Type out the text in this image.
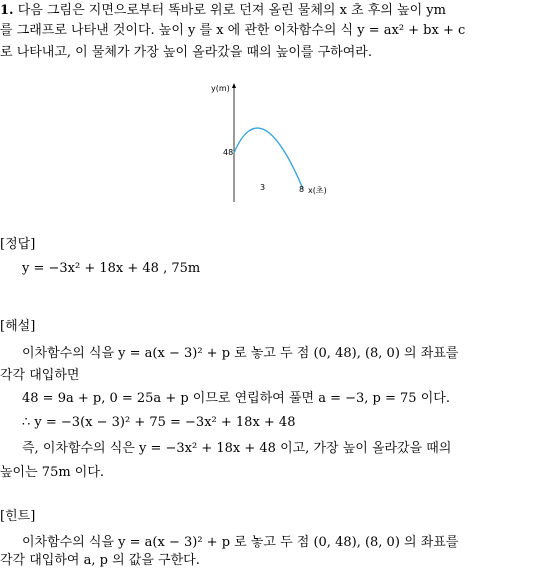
1. 다음 그림은 지면으로부터 똑바로 위로 던져 올린 물체의 x 초 후의 높이 ym
를 그래프로 나타낸 것이다. 높이 y 를 x 에 관한 이차함수의 식 y = ax² + bx + c
로 나타내고, 이 물체가 가장 높이 올라갔을 때의 높이를 구하여라.
y(m)
48
3	8 x(초)
[정답]
y = −3x² + 18x + 48 , 75m
[해설]
이차함수의 식을 y = a(x − 3)² + p 로 놓고 두 점 (0, 48), (8, 0) 의 좌표를
각각 대입하면
48 = 9a + p, 0 = 25a + p 이므로 연립하여 풀면 a = −3, p = 75 이다.
∴ y = −3(x − 3)² + 75 = −3x² + 18x + 48
즉, 이차함수의 식은 y = −3x² + 18x + 48 이고, 가장 높이 올라갔을 때의
높이는 75m 이다.
[힌트]
이차함수의 식을 y = a(x − 3)² + p 로 놓고 두 점 (0, 48), (8, 0) 의 좌표를
각각 대입하여 a, p 의 값을 구한다.
